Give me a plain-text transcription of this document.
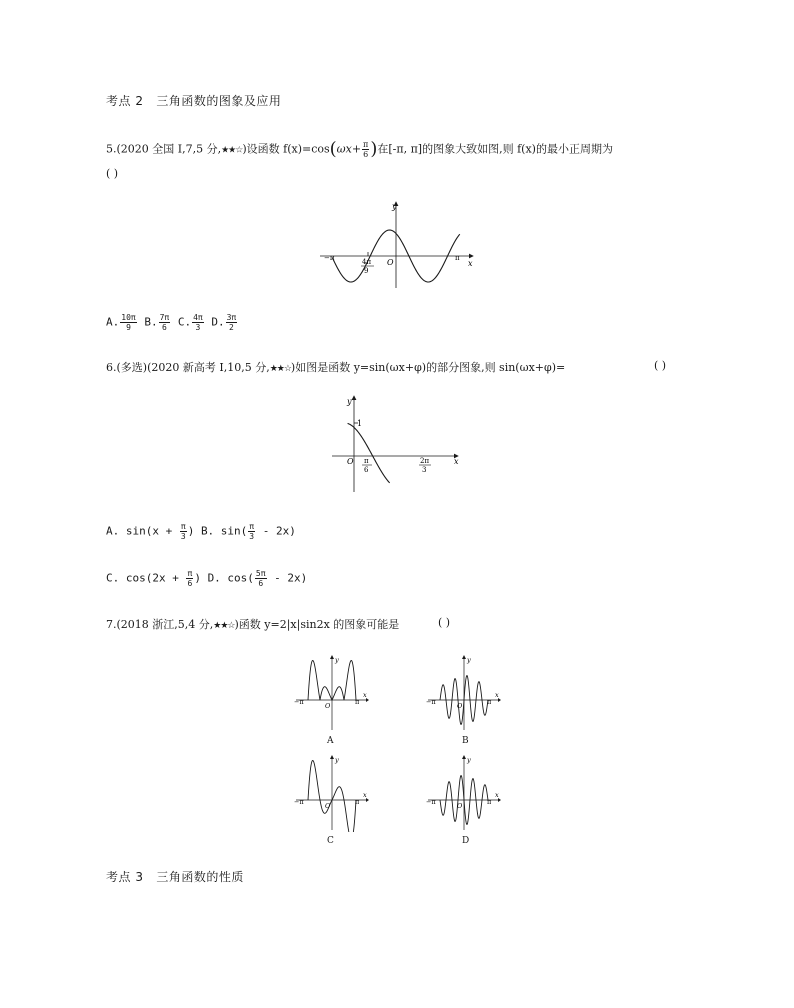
考点 2 三角函数的图象及应用
5.(2020 全国 Ⅰ,7,5 分,★★☆)设函数 $f(x)=\cos(\omega x+ \frac{\pi}{6}$ )在[-π, π]的图象大致如图,则 f(x)的最小正周期为
( )
y
x
−π	π
O
4π
9
A. $\frac{10\pi}{9} B$. $\frac{7\pi}{6} C$. $\frac{4\pi}{3} D$. $\frac{3\pi}{2}$
6.(多选)(2020 新高考 Ⅰ,10,5 分,★★☆)如图是函数 y=sin(ωx+φ)的部分图象,则 sin(ωx+φ)=	( )
y
x
1
O π
6
2π
3
A. $\sin(x + \frac{\pi}{3}$ ) B. $\sin( \frac{\pi}{3} - 2x)$
C. $\cos(2x + \frac{\pi}{6}$ ) D. $\cos( \frac{5\pi}{6} - 2x)$
7.(2018 浙江,5,4 分,★★☆)函数 y=2|x|sin2x 的图象可能是	( )
y
x
−π	π
O
y
x
−π	π
O
y
x
−π	π
O
y
x
−π	π
O
A	B
C	D
考点 3 三角函数的性质
